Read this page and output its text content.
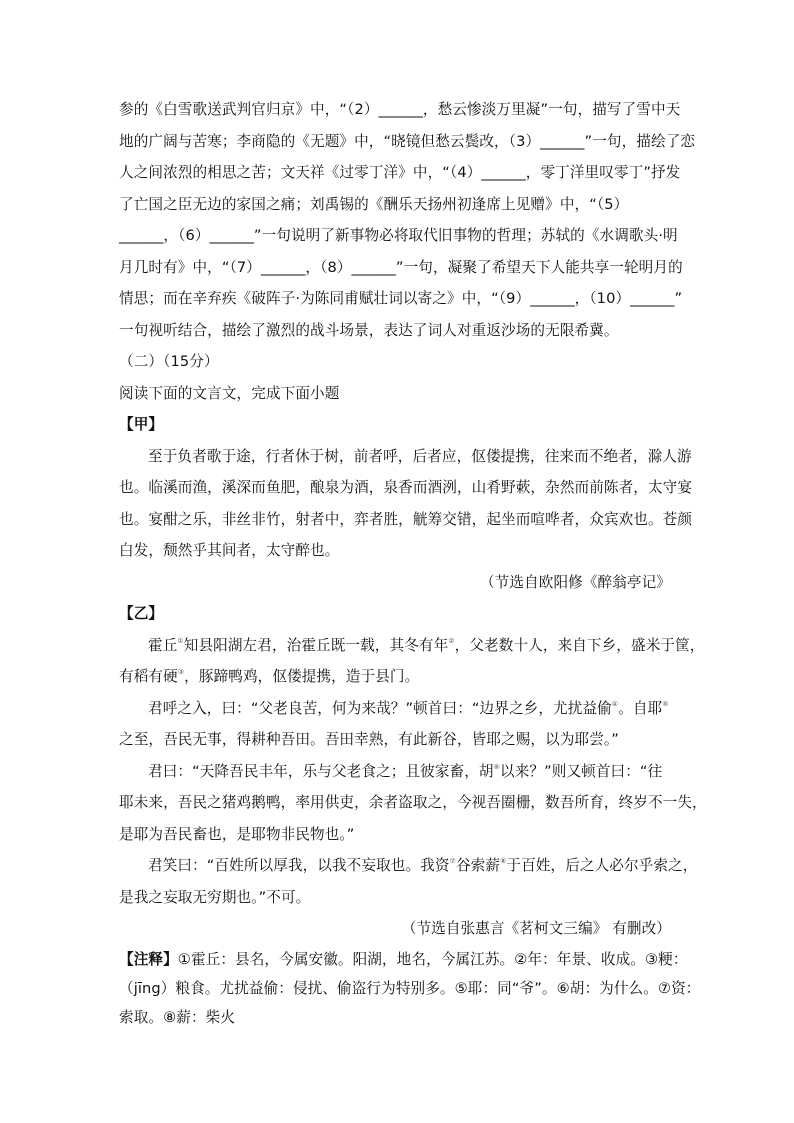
参的《白雪歌送武判官归京》中，“（2）______，愁云惨淡万里凝”一句，描写了雪中天
地的广阔与苦寒；李商隐的《无题》中，“晓镜但愁云鬓改，（3）______”一句，描绘了恋
人之间浓烈的相思之苦；文天祥《过零丁洋》中，“（4）______，零丁洋里叹零丁”抒发
了亡国之臣无边的家国之痛；刘禹锡的《酬乐天扬州初逢席上见赠》中，“（5）
______，（6）______”一句说明了新事物必将取代旧事物的哲理；苏轼的《水调歌头·明
月几时有》中，“（7）______，（8）______”一句，凝聚了希望天下人能共享一轮明月的
情思；而在辛弃疾《破阵子·为陈同甫赋壮词以寄之》中，“（9）______，（10）______”
一句视听结合，描绘了激烈的战斗场景，表达了词人对重返沙场的无限希冀。
（二）（15分）
阅读下面的文言文，完成下面小题
【甲】
至于负者歌于途，行者休于树，前者呼，后者应，伛偻提携，往来而不绝者，滁人游
也。临溪而渔，溪深而鱼肥，酿泉为酒，泉香而酒洌，山肴野蔌，杂然而前陈者，太守宴
也。宴酣之乐，非丝非竹，射者中，弈者胜，觥筹交错，起坐而喧哗者，众宾欢也。苍颜
白发，颓然乎其间者，太守醉也。
（节选自欧阳修《醉翁亭记》
【乙】
霍丘①知县阳湖左君，治霍丘既一载，其冬有年②，父老数十人，来自下乡，盛米于筐，
有稻有硬③，豚蹄鸭鸡，伛偻提携，造于县门。
君呼之入，曰：“父老良苦，何为来哉？”顿首曰：“边界之乡，尤扰益偷④。自耶⑤
之至，吾民无事，得耕种吾田。吾田幸熟，有此新谷，皆耶之赐，以为耶尝。”
君曰：“天降吾民丰年，乐与父老食之；且彼家畜，胡⑥以来？”则又顿首曰：“往
耶未来，吾民之猪鸡鹅鸭，率用供吏，余者盗取之，今视吾圈栅，数吾所育，终岁不一失，
是耶为吾民畜也，是耶物非民物也。”
君笑曰：“百姓所以厚我，以我不妄取也。我资⑦谷索薪⑧于百姓，后之人必尔乎索之，
是我之妄取无穷期也。”不可。
（节选自张惠言《茗柯文三编》 有删改）
【注释】①霍丘：县名，今属安徽。阳湖，地名，今属江苏。②年：年景、收成。③粳：
（jīng）粮食。尤扰益偷：侵扰、偷盗行为特别多。⑤耶：同“爷”。⑥胡：为什么。⑦资：
索取。⑧薪：柴火
